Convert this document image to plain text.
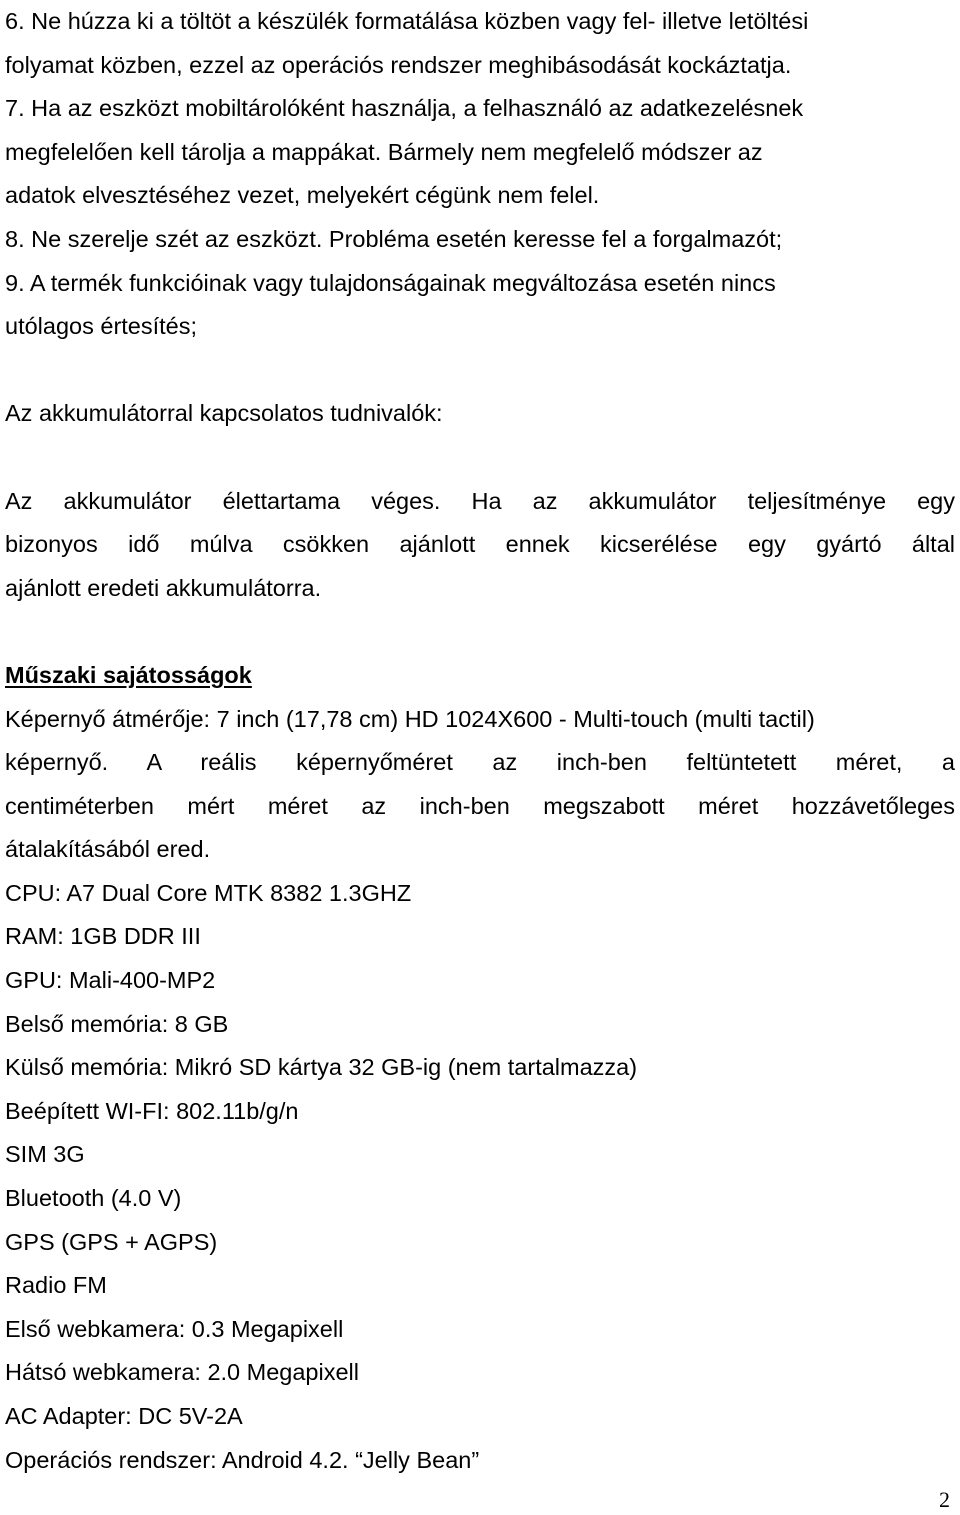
6. Ne húzza ki a töltöt a készülék formatálása közben vagy fel- illetve letöltési
folyamat közben, ezzel az operációs rendszer meghibásodását kockáztatja.
7. Ha az eszközt mobiltárolóként használja, a felhasználó az adatkezelésnek
megfelelően kell tárolja a mappákat. Bármely nem megfelelő módszer az
adatok elvesztéséhez vezet, melyekért cégünk nem felel.
8. Ne szerelje szét az eszközt. Probléma esetén keresse fel a forgalmazót;
9. A termék funkcióinak vagy tulajdonságainak megváltozása esetén nincs
utólagos értesítés;
Az akkumulátorral kapcsolatos tudnivalók:
Az akkumulátor élettartama véges. Ha az akkumulátor teljesítménye egy
bizonyos idő múlva csökken ajánlott ennek kicserélése egy gyártó által
ajánlott eredeti akkumulátorra.
Műszaki sajátosságok
Képernyő átmérője: 7 inch (17,78 cm) HD 1024X600 - Multi-touch (multi tactil)
képernyő. A reális képernyőméret az inch-ben feltüntetett méret, a
centiméterben mért méret az inch-ben megszabott méret hozzávetőleges
átalakításából ered.
CPU: A7 Dual Core MTK 8382 1.3GHZ
RAM: 1GB DDR III
GPU: Mali-400-MP2
Belső memória: 8 GB
Külső memória: Mikró SD kártya 32 GB-ig (nem tartalmazza)
Beépített WI-FI: 802.11b/g/n
SIM 3G
Bluetooth (4.0 V)
GPS (GPS + AGPS)
Radio FM
Első webkamera: 0.3 Megapixell
Hátsó webkamera: 2.0 Megapixell
AC Adapter: DC 5V-2A
Operációs rendszer: Android 4.2. “Jelly Bean”
2
